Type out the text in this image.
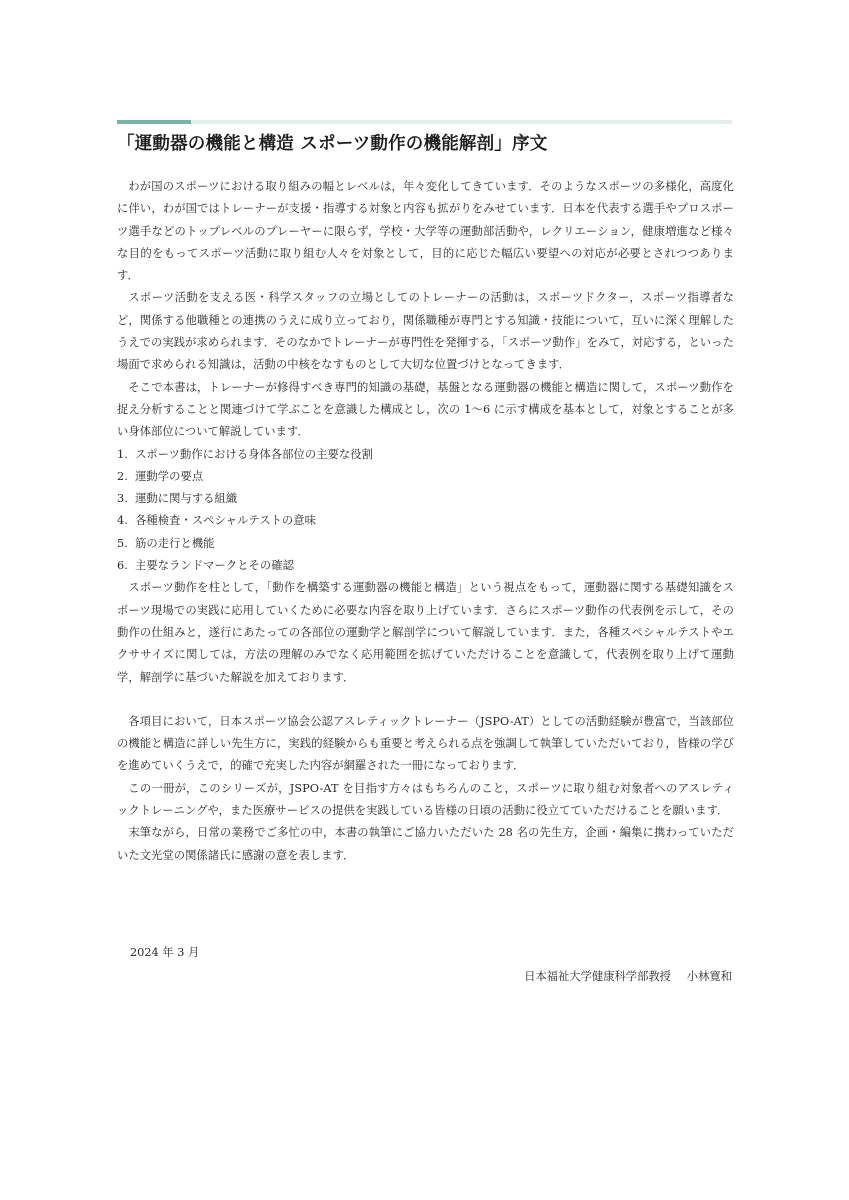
「運動器の機能と構造 スポーツ動作の機能解剖」序文

わが国のスポーツにおける取り組みの幅とレベルは，年々変化してきています．そのようなスポーツの多様化，高度化に伴い，わが国ではトレーナーが支援・指導する対象と内容も拡がりをみせています．日本を代表する選手やプロスポーツ選手などのトップレベルのプレーヤーに限らず，学校・大学等の運動部活動や，レクリエーション，健康増進など様々な目的をもってスポーツ活動に取り組む人々を対象として，目的に応じた幅広い要望への対応が必要とされつつあります．

スポーツ活動を支える医・科学スタッフの立場としてのトレーナーの活動は，スポーツドクター，スポーツ指導者など，関係する他職種との連携のうえに成り立っており，関係職種が専門とする知識・技能について，互いに深く理解したうえでの実践が求められます．そのなかでトレーナーが専門性を発揮する，「スポーツ動作」をみて，対応する，といった場面で求められる知識は，活動の中核をなすものとして大切な位置づけとなってきます．

そこで本書は，トレーナーが修得すべき専門的知識の基礎，基盤となる運動器の機能と構造に関して，スポーツ動作を捉え分析することと関連づけて学ぶことを意識した構成とし，次の 1～6 に示す構成を基本として，対象とすることが多い身体部位について解説しています．

1. スポーツ動作における身体各部位の主要な役割
2. 運動学の要点
3. 運動に関与する組織
4. 各種検査・スペシャルテストの意味
5. 筋の走行と機能
6. 主要なランドマークとその確認

スポーツ動作を柱として，「動作を構築する運動器の機能と構造」という視点をもって，運動器に関する基礎知識をスポーツ現場での実践に応用していくために必要な内容を取り上げています．さらにスポーツ動作の代表例を示して，その動作の仕組みと，遂行にあたっての各部位の運動学と解剖学について解説しています．また，各種スペシャルテストやエクササイズに関しては，方法の理解のみでなく応用範囲を拡げていただけることを意識して，代表例を取り上げて運動学，解剖学に基づいた解説を加えております．

各項目において，日本スポーツ協会公認アスレティックトレーナー（JSPO-AT）としての活動経験が豊富で，当該部位の機能と構造に詳しい先生方に，実践的経験からも重要と考えられる点を強調して執筆していただいており，皆様の学びを進めていくうえで，的確で充実した内容が網羅された一冊になっております．

この一冊が，このシリーズが，JSPO-AT を目指す方々はもちろんのこと，スポーツに取り組む対象者へのアスレティックトレーニングや，また医療サービスの提供を実践している皆様の日頃の活動に役立てていただけることを願います．

末筆ながら，日常の業務でご多忙の中，本書の執筆にご協力いただいた 28 名の先生方，企画・編集に携わっていただいた文光堂の関係諸氏に感謝の意を表します．

2024 年 3 月
日本福祉大学健康科学部教授 小林寛和
